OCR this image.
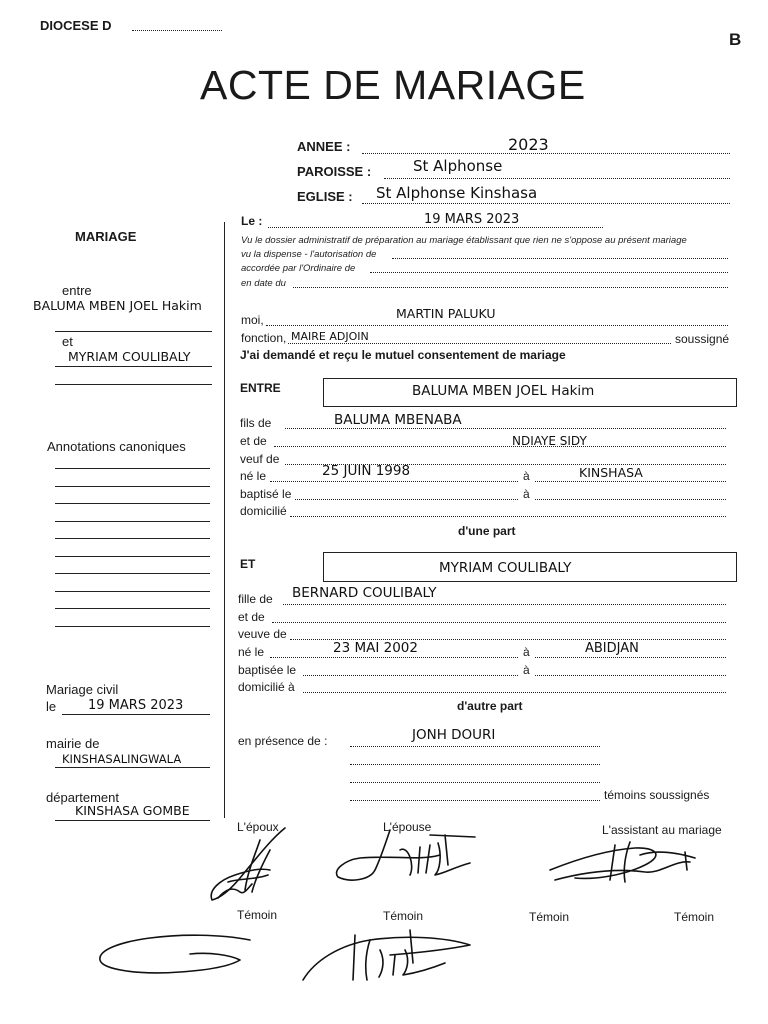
DIOCESE D
B
ACTE DE MARIAGE
ANNEE :	2023
PAROISSE :	St Alphonse
EGLISE : St Alphonse Kinshasa
MARIAGE
entre
BALUMA MBEN JOEL Hakim
et
MYRIAM COULIBALY
Annotations canoniques
Mariage civil
le 19 MARS 2023
mairie de
KINSHASALINGWALA
département
KINSHASA GOMBE
Le :	19 MARS 2023
Vu le dossier administratif de préparation au mariage établissant que rien ne s'oppose au présent mariage
vu la dispense - l'autorisation de
accordée par l'Ordinaire de
en date du
moi,	MARTIN PALUKU
fonction, MAIRE ADJOIN	soussigné
J'ai demandé et reçu le mutuel consentement de mariage
ENTRE	BALUMA MBEN JOEL Hakim
fils de	BALUMA MBENABA
et de	NDIAYE SIDY
veuf de
né le	25 JUIN 1998	à	KINSHASA
baptisé le	à
domicilié
d'une part
ET	MYRIAM COULIBALY
fille de BERNARD COULIBALY
et de
veuve de
né le	23 MAI 2002	à	ABIDJAN
baptisée le	à
domicilié à
d'autre part
en présence de :	JONH DOURI
témoins soussignés
L'époux	L'épouse	L'assistant au mariage
Témoin	Témoin	Témoin	Témoin
